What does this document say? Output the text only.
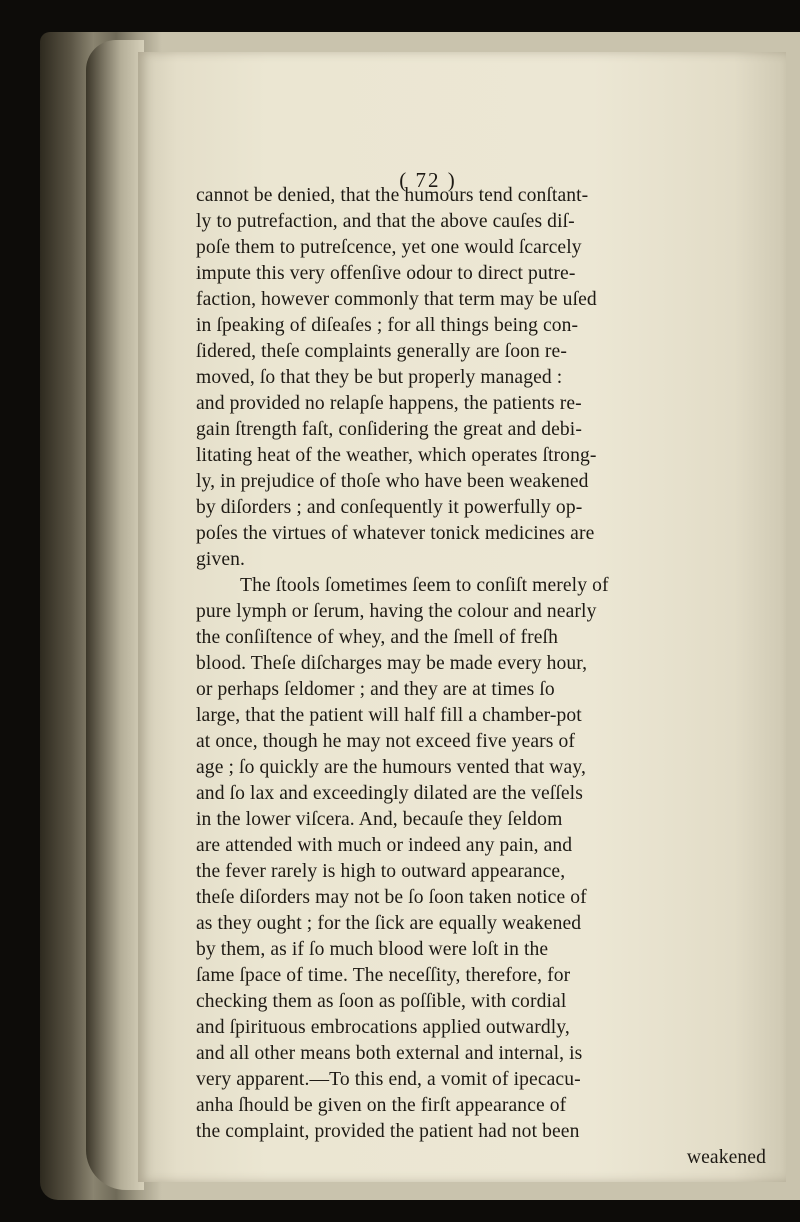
( 72 )
cannot be denied, that the humours tend conſtant-
ly to putrefaction, and that the above cauſes diſ-
poſe them to putreſcence, yet one would ſcarcely
impute this very offenſive odour to direct putre-
faction, however commonly that term may be uſed
in ſpeaking of diſeaſes ; for all things being con-
ſidered, theſe complaints generally are ſoon re-
moved, ſo that they be but properly managed :
and provided no relapſe happens, the patients re-
gain ſtrength faſt, conſidering the great and debi-
litating heat of the weather, which operates ſtrong-
ly, in prejudice of thoſe who have been weakened
by diſorders ; and conſequently it powerfully op-
poſes the virtues of whatever tonick medicines are
given.
The ſtools ſometimes ſeem to conſiſt merely of
pure lymph or ſerum, having the colour and nearly
the conſiſtence of whey, and the ſmell of freſh
blood. Theſe diſcharges may be made every hour,
or perhaps ſeldomer ; and they are at times ſo
large, that the patient will half fill a chamber-pot
at once, though he may not exceed five years of
age ; ſo quickly are the humours vented that way,
and ſo lax and exceedingly dilated are the veſſels
in the lower viſcera. And, becauſe they ſeldom
are attended with much or indeed any pain, and
the fever rarely is high to outward appearance,
theſe diſorders may not be ſo ſoon taken notice of
as they ought ; for the ſick are equally weakened
by them, as if ſo much blood were loſt in the
ſame ſpace of time. The neceſſity, therefore, for
checking them as ſoon as poſſible, with cordial
and ſpirituous embrocations applied outwardly,
and all other means both external and internal, is
very apparent.—To this end, a vomit of ipecacu-
anha ſhould be given on the firſt appearance of
the complaint, provided the patient had not been
weakened
